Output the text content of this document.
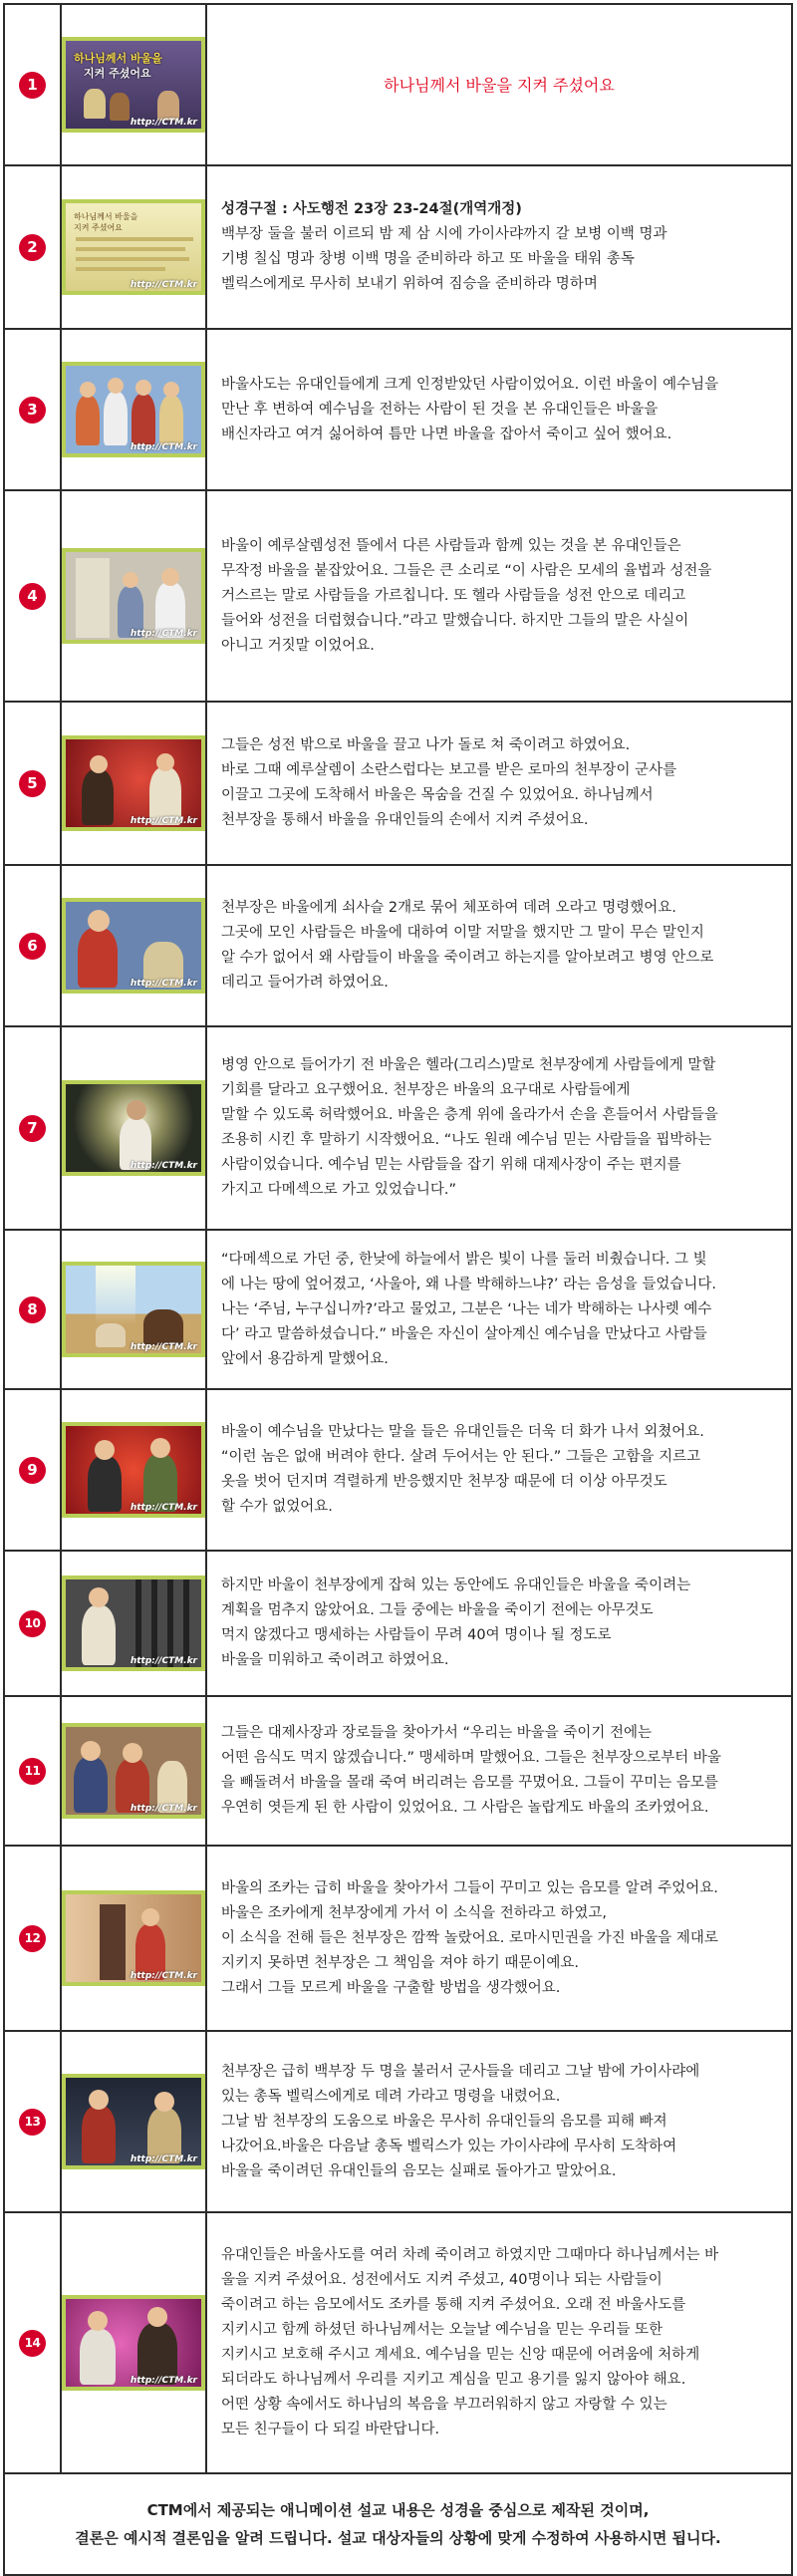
1
하나님께서 바울을
지켜 주셨어요
http://CTM.kr
하나님께서 바울을 지켜 주셨어요
2
하나님께서 바울을
지켜 주셨어요
http://CTM.kr

성경구절 : 사도행전 23장 23-24절(개역개정)

백부장 둘을 불러 이르되 밤 제 삼 시에 가이사랴까지 갈 보병 이백 명과
기병 칠십 명과 창병 이백 명을 준비하라 하고 또 바울을 태워 총독
벨릭스에게로 무사히 보내기 위하여 짐승을 준비하라 명하며

3
http://CTM.kr

바울사도는 유대인들에게 크게 인정받았던 사람이었어요. 이런 바울이 예수님을
만난 후 변하여 예수님을 전하는 사람이 된 것을 본 유대인들은 바울을
배신자라고 여겨 싫어하여 틈만 나면 바울을 잡아서 죽이고 싶어 했어요.

4
http://CTM.kr

바울이 예루살렘성전 뜰에서 다른 사람들과 함께 있는 것을 본 유대인들은
무작정 바울을 붙잡았어요. 그들은 큰 소리로 “이 사람은 모세의 율법과 성전을
거스르는 말로 사람들을 가르칩니다. 또 헬라 사람들을 성전 안으로 데리고
들어와 성전을 더럽혔습니다.”라고 말했습니다. 하지만 그들의 말은 사실이
아니고 거짓말 이었어요.

5
http://CTM.kr

그들은 성전 밖으로 바울을 끌고 나가 돌로 쳐 죽이려고 하였어요.
바로 그때 예루살렘이 소란스럽다는 보고를 받은 로마의 천부장이 군사를
이끌고 그곳에 도착해서 바울은 목숨을 건질 수 있었어요. 하나님께서
천부장을 통해서 바울을 유대인들의 손에서 지켜 주셨어요.

6
http://CTM.kr

천부장은 바울에게 쇠사슬 2개로 묶어 체포하여 데려 오라고 명령했어요.
그곳에 모인 사람들은 바울에 대하여 이말 저말을 했지만 그 말이 무슨 말인지
알 수가 없어서 왜 사람들이 바울을 죽이려고 하는지를 알아보려고 병영 안으로
데리고 들어가려 하였어요.

7
http://CTM.kr

병영 안으로 들어가기 전 바울은 헬라(그리스)말로 천부장에게 사람들에게 말할
기회를 달라고 요구했어요. 천부장은 바울의 요구대로 사람들에게
말할 수 있도록 허락했어요. 바울은 층계 위에 올라가서 손을 흔들어서 사람들을
조용히 시킨 후 말하기 시작했어요. “나도 원래 예수님 믿는 사람들을 핍박하는
사람이었습니다. 예수님 믿는 사람들을 잡기 위해 대제사장이 주는 편지를
가지고 다메섹으로 가고 있었습니다.”

8
http://CTM.kr

“다메섹으로 가던 중, 한낮에 하늘에서 밝은 빛이 나를 둘러 비췄습니다. 그 빛
에 나는 땅에 엎어졌고, ‘사울아, 왜 나를 박해하느냐?’ 라는 음성을 들었습니다.
나는 ‘주님, 누구십니까?’라고 물었고, 그분은 ‘나는 네가 박해하는 나사렛 예수
다’ 라고 말씀하셨습니다.” 바울은 자신이 살아계신 예수님을 만났다고 사람들
앞에서 용감하게 말했어요.

9
http://CTM.kr

바울이 예수님을 만났다는 말을 들은 유대인들은 더욱 더 화가 나서 외쳤어요.
“이런 놈은 없애 버려야 한다. 살려 두어서는 안 된다.” 그들은 고함을 지르고
옷을 벗어 던지며 격렬하게 반응했지만 천부장 때문에 더 이상 아무것도
할 수가 없었어요.

10
http://CTM.kr

하지만 바울이 천부장에게 잡혀 있는 동안에도 유대인들은 바울을 죽이려는
계획을 멈추지 않았어요. 그들 중에는 바울을 죽이기 전에는 아무것도
먹지 않겠다고 맹세하는 사람들이 무려 40여 명이나 될 정도로
바울을 미워하고 죽이려고 하였어요.

11
http://CTM.kr

그들은 대제사장과 장로들을 찾아가서 “우리는 바울을 죽이기 전에는
어떤 음식도 먹지 않겠습니다.” 맹세하며 말했어요. 그들은 천부장으로부터 바울
을 빼돌려서 바울을 몰래 죽여 버리려는 음모를 꾸몄어요. 그들이 꾸미는 음모를
우연히 엿듣게 된 한 사람이 있었어요. 그 사람은 놀랍게도 바울의 조카였어요.

12
http://CTM.kr

바울의 조카는 급히 바울을 찾아가서 그들이 꾸미고 있는 음모를 알려 주었어요.
바울은 조카에게 천부장에게 가서 이 소식을 전하라고 하였고,
이 소식을 전해 들은 천부장은 깜짝 놀랐어요. 로마시민권을 가진 바울을 제대로
지키지 못하면 천부장은 그 책임을 져야 하기 때문이예요.
그래서 그들 모르게 바울을 구출할 방법을 생각했어요.

13
http://CTM.kr

천부장은 급히 백부장 두 명을 불러서 군사들을 데리고 그날 밤에 가이사랴에
있는 총독 벨릭스에게로 데려 가라고 명령을 내렸어요.
그날 밤 천부장의 도움으로 바울은 무사히 유대인들의 음모를 피해 빠져
나갔어요.바울은 다음날 총독 벨릭스가 있는 가이사랴에 무사히 도착하여
바울을 죽이려던 유대인들의 음모는 실패로 돌아가고 말았어요.

14
http://CTM.kr

유대인들은 바울사도를 여러 차례 죽이려고 하였지만 그때마다 하나님께서는 바
울을 지켜 주셨어요. 성전에서도 지켜 주셨고, 40명이나 되는 사람들이
죽이려고 하는 음모에서도 조카를 통해 지켜 주셨어요. 오래 전 바울사도를
지키시고 함께 하셨던 하나님께서는 오늘날 예수님을 믿는 우리들 또한
지키시고 보호해 주시고 계세요. 예수님을 믿는 신앙 때문에 어려움에 처하게
되더라도 하나님께서 우리를 지키고 계심을 믿고 용기를 잃지 않아야 해요.
어떤 상황 속에서도 하나님의 복음을 부끄러워하지 않고 자랑할 수 있는
모든 친구들이 다 되길 바란답니다.

CTM에서 제공되는 애니메이션 설교 내용은 성경을 중심으로 제작된 것이며,
결론은 예시적 결론임을 알려 드립니다. 설교 대상자들의 상황에 맞게 수정하여 사용하시면 됩니다.
